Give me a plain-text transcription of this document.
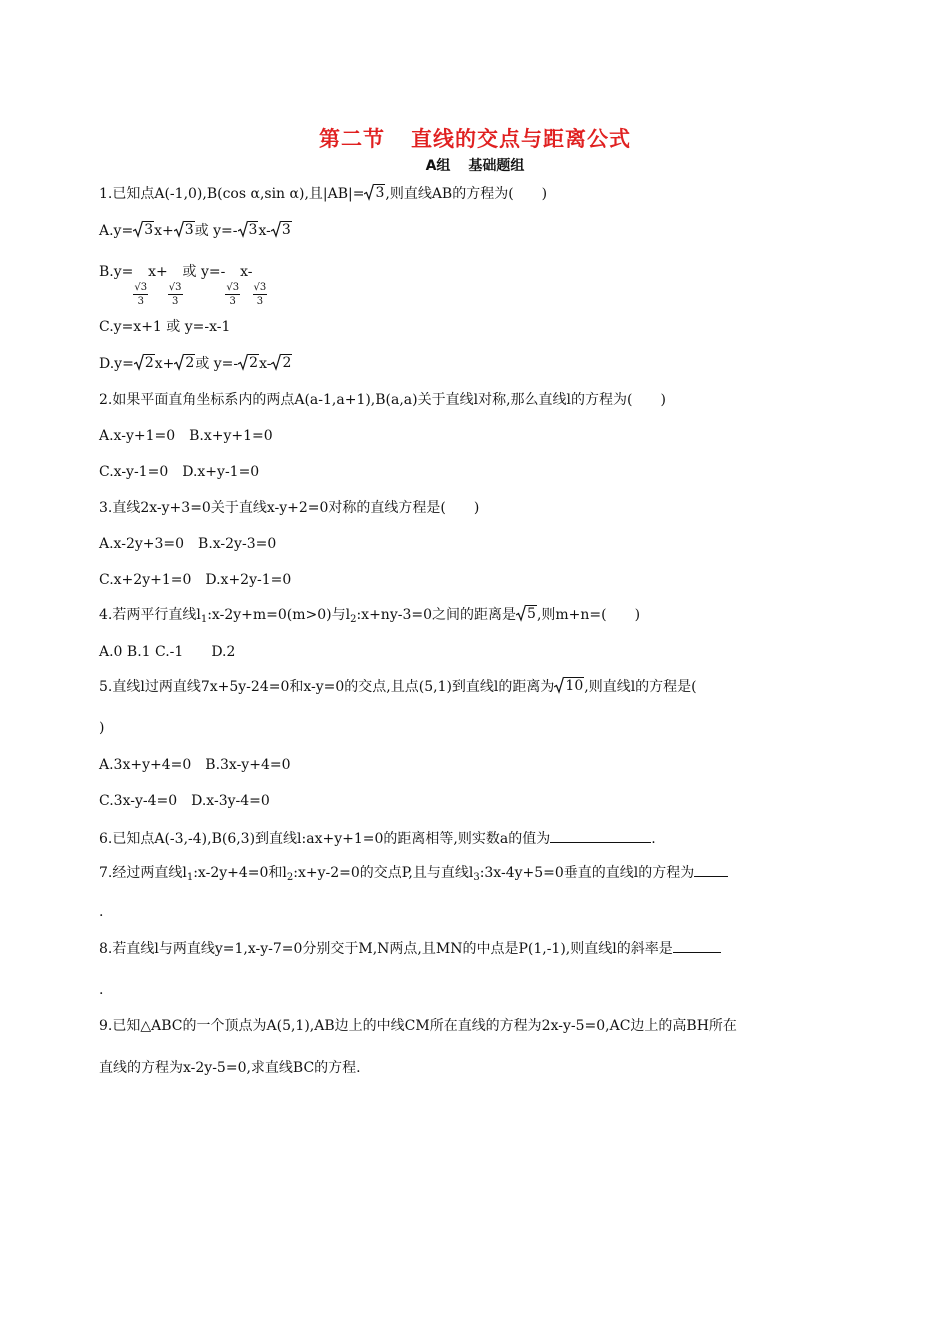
第二节 直线的交点与距离公式
A组 基础题组
1.已知点A(-1,0),B(cos α,sin α),且|AB|= 3 ,则直线AB的方程为(　　)
A.y= 3 x+ 3 或 y=- 3 x- 3
B.y=
$\frac{√3}{3}$
x+
$\frac{√3}{3}$
或 y=-
$\frac{√3}{3}$
x-
$\frac{√3}{3}$
C.y=x+1 或 y=-x-1
D.y= 2 x+ 2 或 y=- 2 x- 2
2.如果平面直角坐标系内的两点A(a-1,a+1),B(a,a)关于直线l对称,那么直线l的方程为(　　)
A.x-y+1=0　B.x+y+1=0
C.x-y-1=0　D.x+y-1=0
3.直线2x-y+3=0关于直线x-y+2=0对称的直线方程是(　　)
A.x-2y+3=0　B.x-2y-3=0
C.x+2y+1=0　D.x+2y-1=0
4.若两平行直线$l_1:x-2y+m=0(m>0)$与$l_2:x+ny-3=0$之间的距离是 5 ,则m+n=(　　)
A.0 B.1 C.-1　　D.2
5.直线l过两直线7x+5y-24=0和x-y=0的交点,且点(5,1)到直线l的距离为 10 ,则直线l的方程是(
)
A.3x+y+4=0　B.3x-y+4=0
C.3x-y-4=0　D.x-3y-4=0
6.已知点A(-3,-4),B(6,3)到直线l:ax+y+1=0的距离相等,则实数a的值为	.
7.经过两直线$l_1:x-2y+4=0$和$l_2:x+y-2=0$的交点P,且与直线$l_3:3x-4y+5=0$垂直的直线l的方程为
.
8.若直线l与两直线y=1,x-y-7=0分别交于M,N两点,且MN的中点是P(1,-1),则直线l的斜率是
.
9.已知△ABC的一个顶点为A(5,1),AB边上的中线CM所在直线的方程为2x-y-5=0,AC边上的高BH所在
直线的方程为x-2y-5=0,求直线BC的方程.
